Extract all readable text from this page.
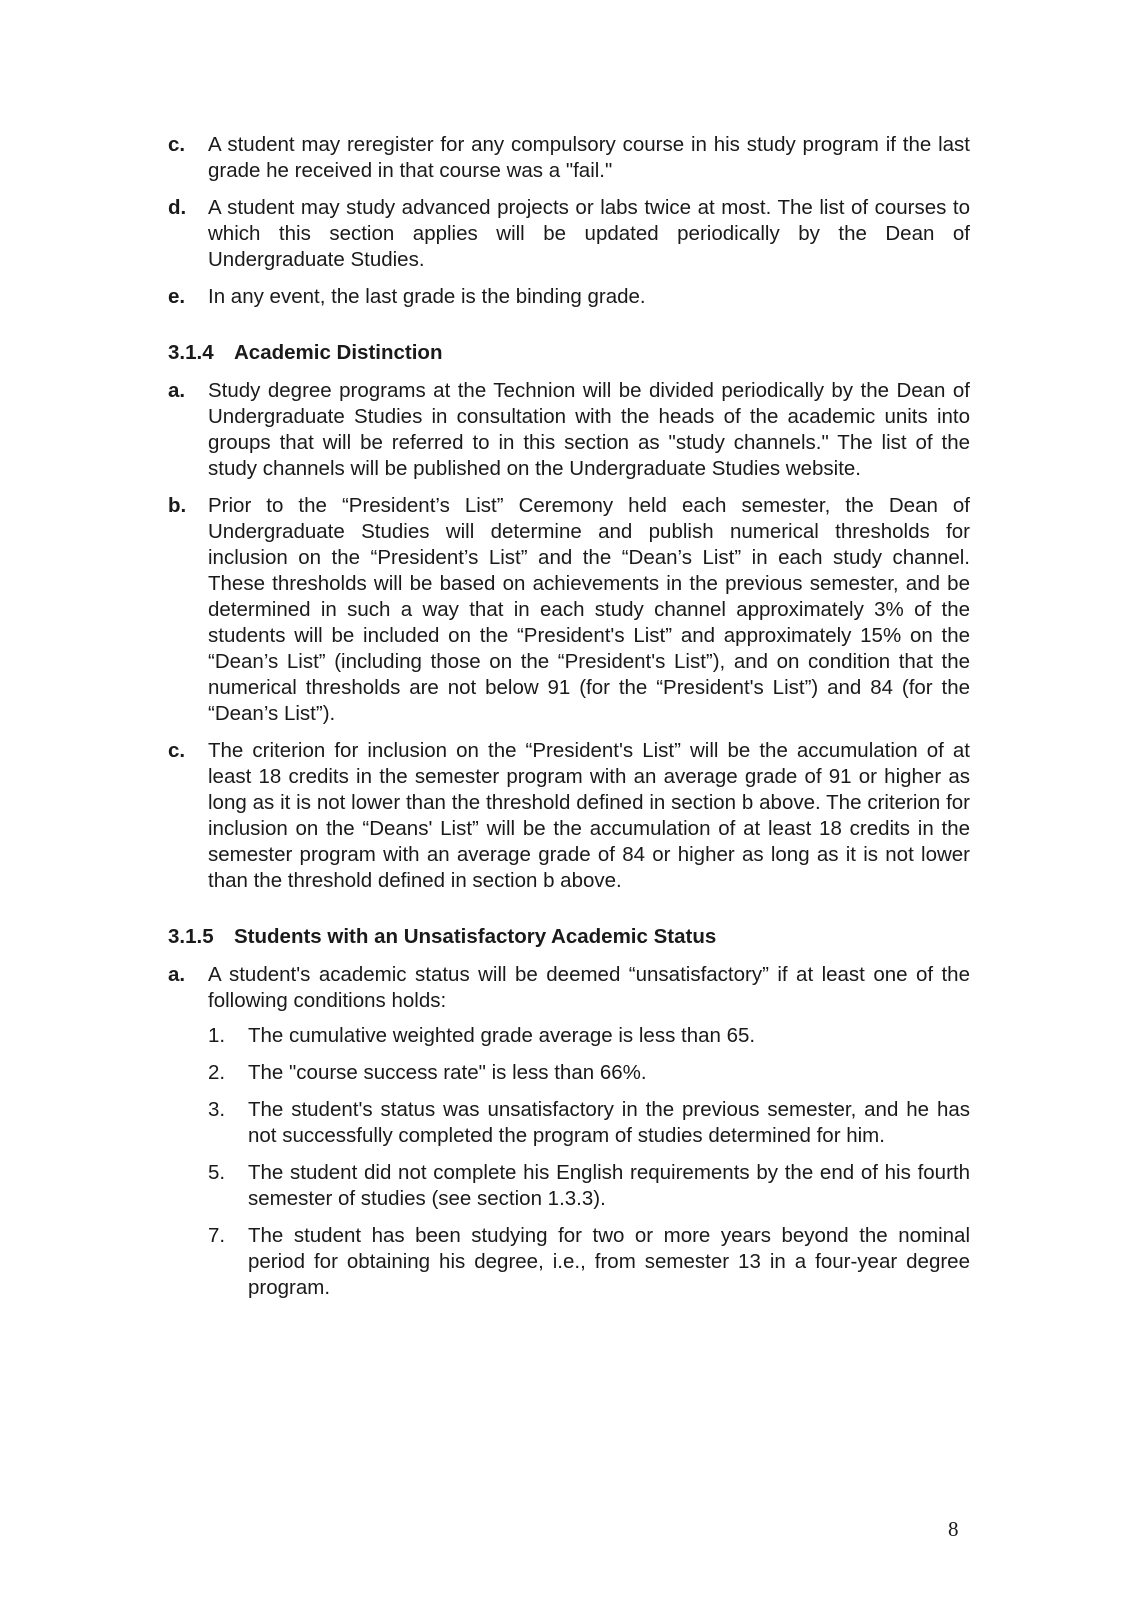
c.	A student may reregister for any compulsory course in his study program if the last grade he received in that course was a "fail."
d.	A student may study advanced projects or labs twice at most. The list of courses to which this section applies will be updated periodically by the Dean of Undergraduate Studies.
e.	In any event, the last grade is the binding grade.
3.1.4 Academic Distinction
a.	Study degree programs at the Technion will be divided periodically by the Dean of Undergraduate Studies in consultation with the heads of the academic units into groups that will be referred to in this section as "study channels." The list of the study channels will be published on the Undergraduate Studies website.
b.	Prior to the “President’s List” Ceremony held each semester, the Dean of Undergraduate Studies will determine and publish numerical thresholds for inclusion on the “President’s List” and the “Dean’s List” in each study channel. These thresholds will be based on achievements in the previous semester, and be determined in such a way that in each study channel approximately 3% of the students will be included on the “President's List” and approximately 15% on the “Dean’s List” (including those on the “President's List”), and on condition that the numerical thresholds are not below 91 (for the “President's List”) and 84 (for the “Dean’s List”).
c.	The criterion for inclusion on the “President's List” will be the accumulation of at least 18 credits in the semester program with an average grade of 91 or higher as long as it is not lower than the threshold defined in section b above. The criterion for inclusion on the “Deans' List” will be the accumulation of at least 18 credits in the semester program with an average grade of 84 or higher as long as it is not lower than the threshold defined in section b above.
3.1.5 Students with an Unsatisfactory Academic Status
a.	A student's academic status will be deemed “unsatisfactory” if at least one of the following conditions holds:
1.	The cumulative weighted grade average is less than 65.
2.	The "course success rate" is less than 66%.
3.	The student's status was unsatisfactory in the previous semester, and he has not successfully completed the program of studies determined for him.
5.	The student did not complete his English requirements by the end of his fourth semester of studies (see section 1.3.3).
7.	The student has been studying for two or more years beyond the nominal period for obtaining his degree, i.e., from semester 13 in a four-year degree program.
8
